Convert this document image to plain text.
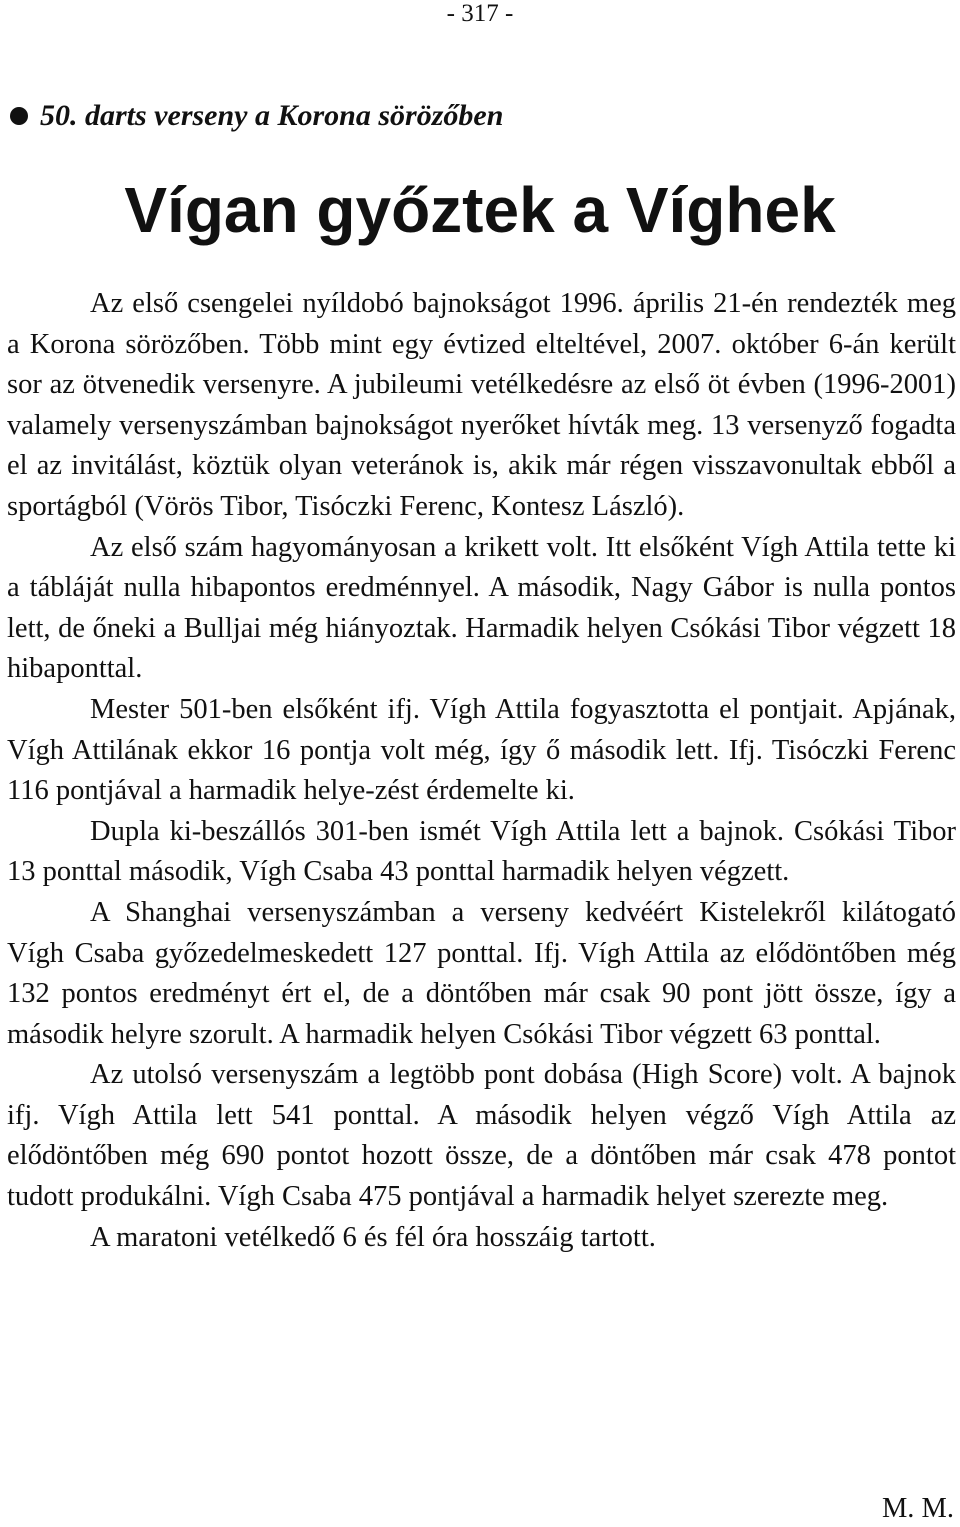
- 317 -
50. darts verseny a Korona sörözőben
Vígan győztek a Víghek

Az első csengelei nyíldobó bajnokságot 1996. április 21-én rendezték meg a Korona sörözőben. Több mint egy évtized elteltével, 2007. október 6-án került sor az ötvenedik versenyre. A jubileumi vetélkedésre az első öt évben (1996-2001) valamely versenyszámban bajnokságot nyerőket hívták meg. 13 versenyző fogadta el az invitálást, köztük olyan veteránok is, akik már régen visszavonultak ebből a sportágból (Vörös Tibor, Tisóczki Ferenc, Kontesz László).

Az első szám hagyományosan a krikett volt. Itt elsőként Vígh Attila tette ki a tábláját nulla hibapontos eredménnyel. A második, Nagy Gábor is nulla pontos lett, de őneki a Bulljai még hiányoztak. Harmadik helyen Csókási Tibor végzett 18 hibaponttal.

Mester 501-ben elsőként ifj. Vígh Attila fogyasztotta el pontjait. Apjának, Vígh Attilának ekkor 16 pontja volt még, így ő második lett. Ifj. Tisóczki Ferenc 116 pontjával a harmadik helye-zést érdemelte ki.

Dupla ki-beszállós 301-ben ismét Vígh Attila lett a bajnok. Csókási Tibor 13 ponttal második, Vígh Csaba 43 ponttal harmadik helyen végzett.

A Shanghai versenyszámban a verseny kedvéért Kistelekről kilátogató Vígh Csaba győzedelmeskedett 127 ponttal. Ifj. Vígh Attila az elődöntőben még 132 pontos eredményt ért el, de a döntőben már csak 90 pont jött össze, így a második helyre szorult. A harmadik helyen Csókási Tibor végzett 63 ponttal.

Az utolsó versenyszám a legtöbb pont dobása (High Score) volt. A bajnok ifj. Vígh Attila lett 541 ponttal. A második helyen végző Vígh Attila az elődöntőben még 690 pontot hozott össze, de a döntőben már csak 478 pontot tudott produkálni. Vígh Csaba 475 pontjával a harmadik helyet szerezte meg.

A maratoni vetélkedő 6 és fél óra hosszáig tartott.

M. M.
